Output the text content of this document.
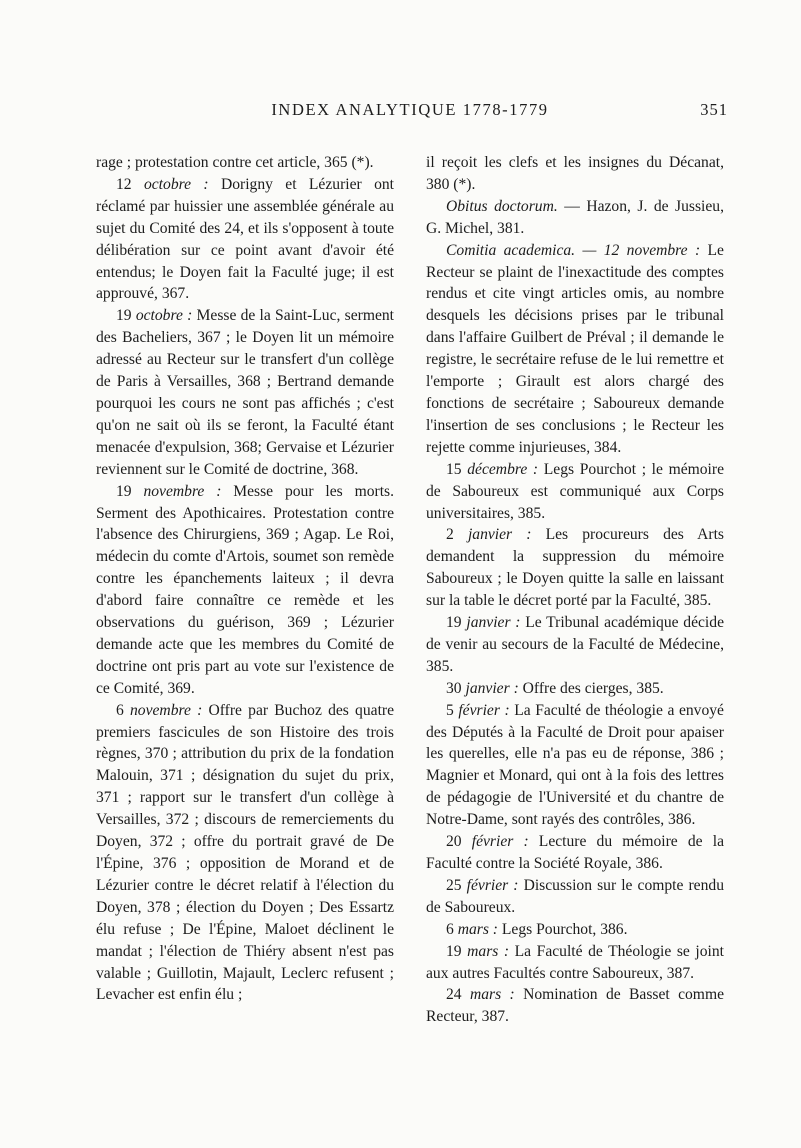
INDEX ANALYTIQUE 1778-1779	351

rage ; protestation contre cet article, 365 (*).

12 octobre : Dorigny et Lézurier ont réclamé par huissier une assemblée générale au sujet du Comité des 24, et ils s'opposent à toute délibération sur ce point avant d'avoir été entendus; le Doyen fait la Faculté juge; il est approuvé, 367.

19 octobre : Messe de la Saint-Luc, serment des Bacheliers, 367 ; le Doyen lit un mémoire adressé au Recteur sur le transfert d'un collège de Paris à Versailles, 368 ; Bertrand demande pourquoi les cours ne sont pas affichés ; c'est qu'on ne sait où ils se feront, la Faculté étant menacée d'expulsion, 368; Gervaise et Lézurier reviennent sur le Comité de doctrine, 368.

19 novembre : Messe pour les morts. Serment des Apothicaires. Protestation contre l'absence des Chirurgiens, 369 ; Agap. Le Roi, médecin du comte d'Artois, soumet son remède contre les épanchements laiteux ; il devra d'abord faire connaître ce remède et les observations du guérison, 369 ; Lézurier demande acte que les membres du Comité de doctrine ont pris part au vote sur l'existence de ce Comité, 369.

6 novembre : Offre par Buchoz des quatre premiers fascicules de son Histoire des trois règnes, 370 ; attribution du prix de la fondation Malouin, 371 ; désignation du sujet du prix, 371 ; rapport sur le transfert d'un collège à Versailles, 372 ; discours de remerciements du Doyen, 372 ; offre du portrait gravé de De l'Épine, 376 ; opposition de Morand et de Lézurier contre le décret relatif à l'élection du Doyen, 378 ; élection du Doyen ; Des Essartz élu refuse ; De l'Épine, Maloet déclinent le mandat ; l'élection de Thiéry absent n'est pas valable ; Guillotin, Majault, Leclerc refusent ; Levacher est enfin élu ;

il reçoit les clefs et les insignes du Décanat, 380 (*).

Obitus doctorum. — Hazon, J. de Jussieu, G. Michel, 381.

Comitia academica. — 12 novembre : Le Recteur se plaint de l'inexactitude des comptes rendus et cite vingt articles omis, au nombre desquels les décisions prises par le tribunal dans l'affaire Guilbert de Préval ; il demande le registre, le secrétaire refuse de le lui remettre et l'emporte ; Girault est alors chargé des fonctions de secrétaire ; Saboureux demande l'insertion de ses conclusions ; le Recteur les rejette comme injurieuses, 384.

15 décembre : Legs Pourchot ; le mémoire de Saboureux est communiqué aux Corps universitaires, 385.

2 janvier : Les procureurs des Arts demandent la suppression du mémoire Saboureux ; le Doyen quitte la salle en laissant sur la table le décret porté par la Faculté, 385.

19 janvier : Le Tribunal académique décide de venir au secours de la Faculté de Médecine, 385.

30 janvier : Offre des cierges, 385.

5 février : La Faculté de théologie a envoyé des Députés à la Faculté de Droit pour apaiser les querelles, elle n'a pas eu de réponse, 386 ; Magnier et Monard, qui ont à la fois des lettres de pédagogie de l'Université et du chantre de Notre-Dame, sont rayés des contrôles, 386.

20 février : Lecture du mémoire de la Faculté contre la Société Royale, 386.

25 février : Discussion sur le compte rendu de Saboureux.

6 mars : Legs Pourchot, 386.

19 mars : La Faculté de Théologie se joint aux autres Facultés contre Saboureux, 387.

24 mars : Nomination de Basset comme Recteur, 387.
